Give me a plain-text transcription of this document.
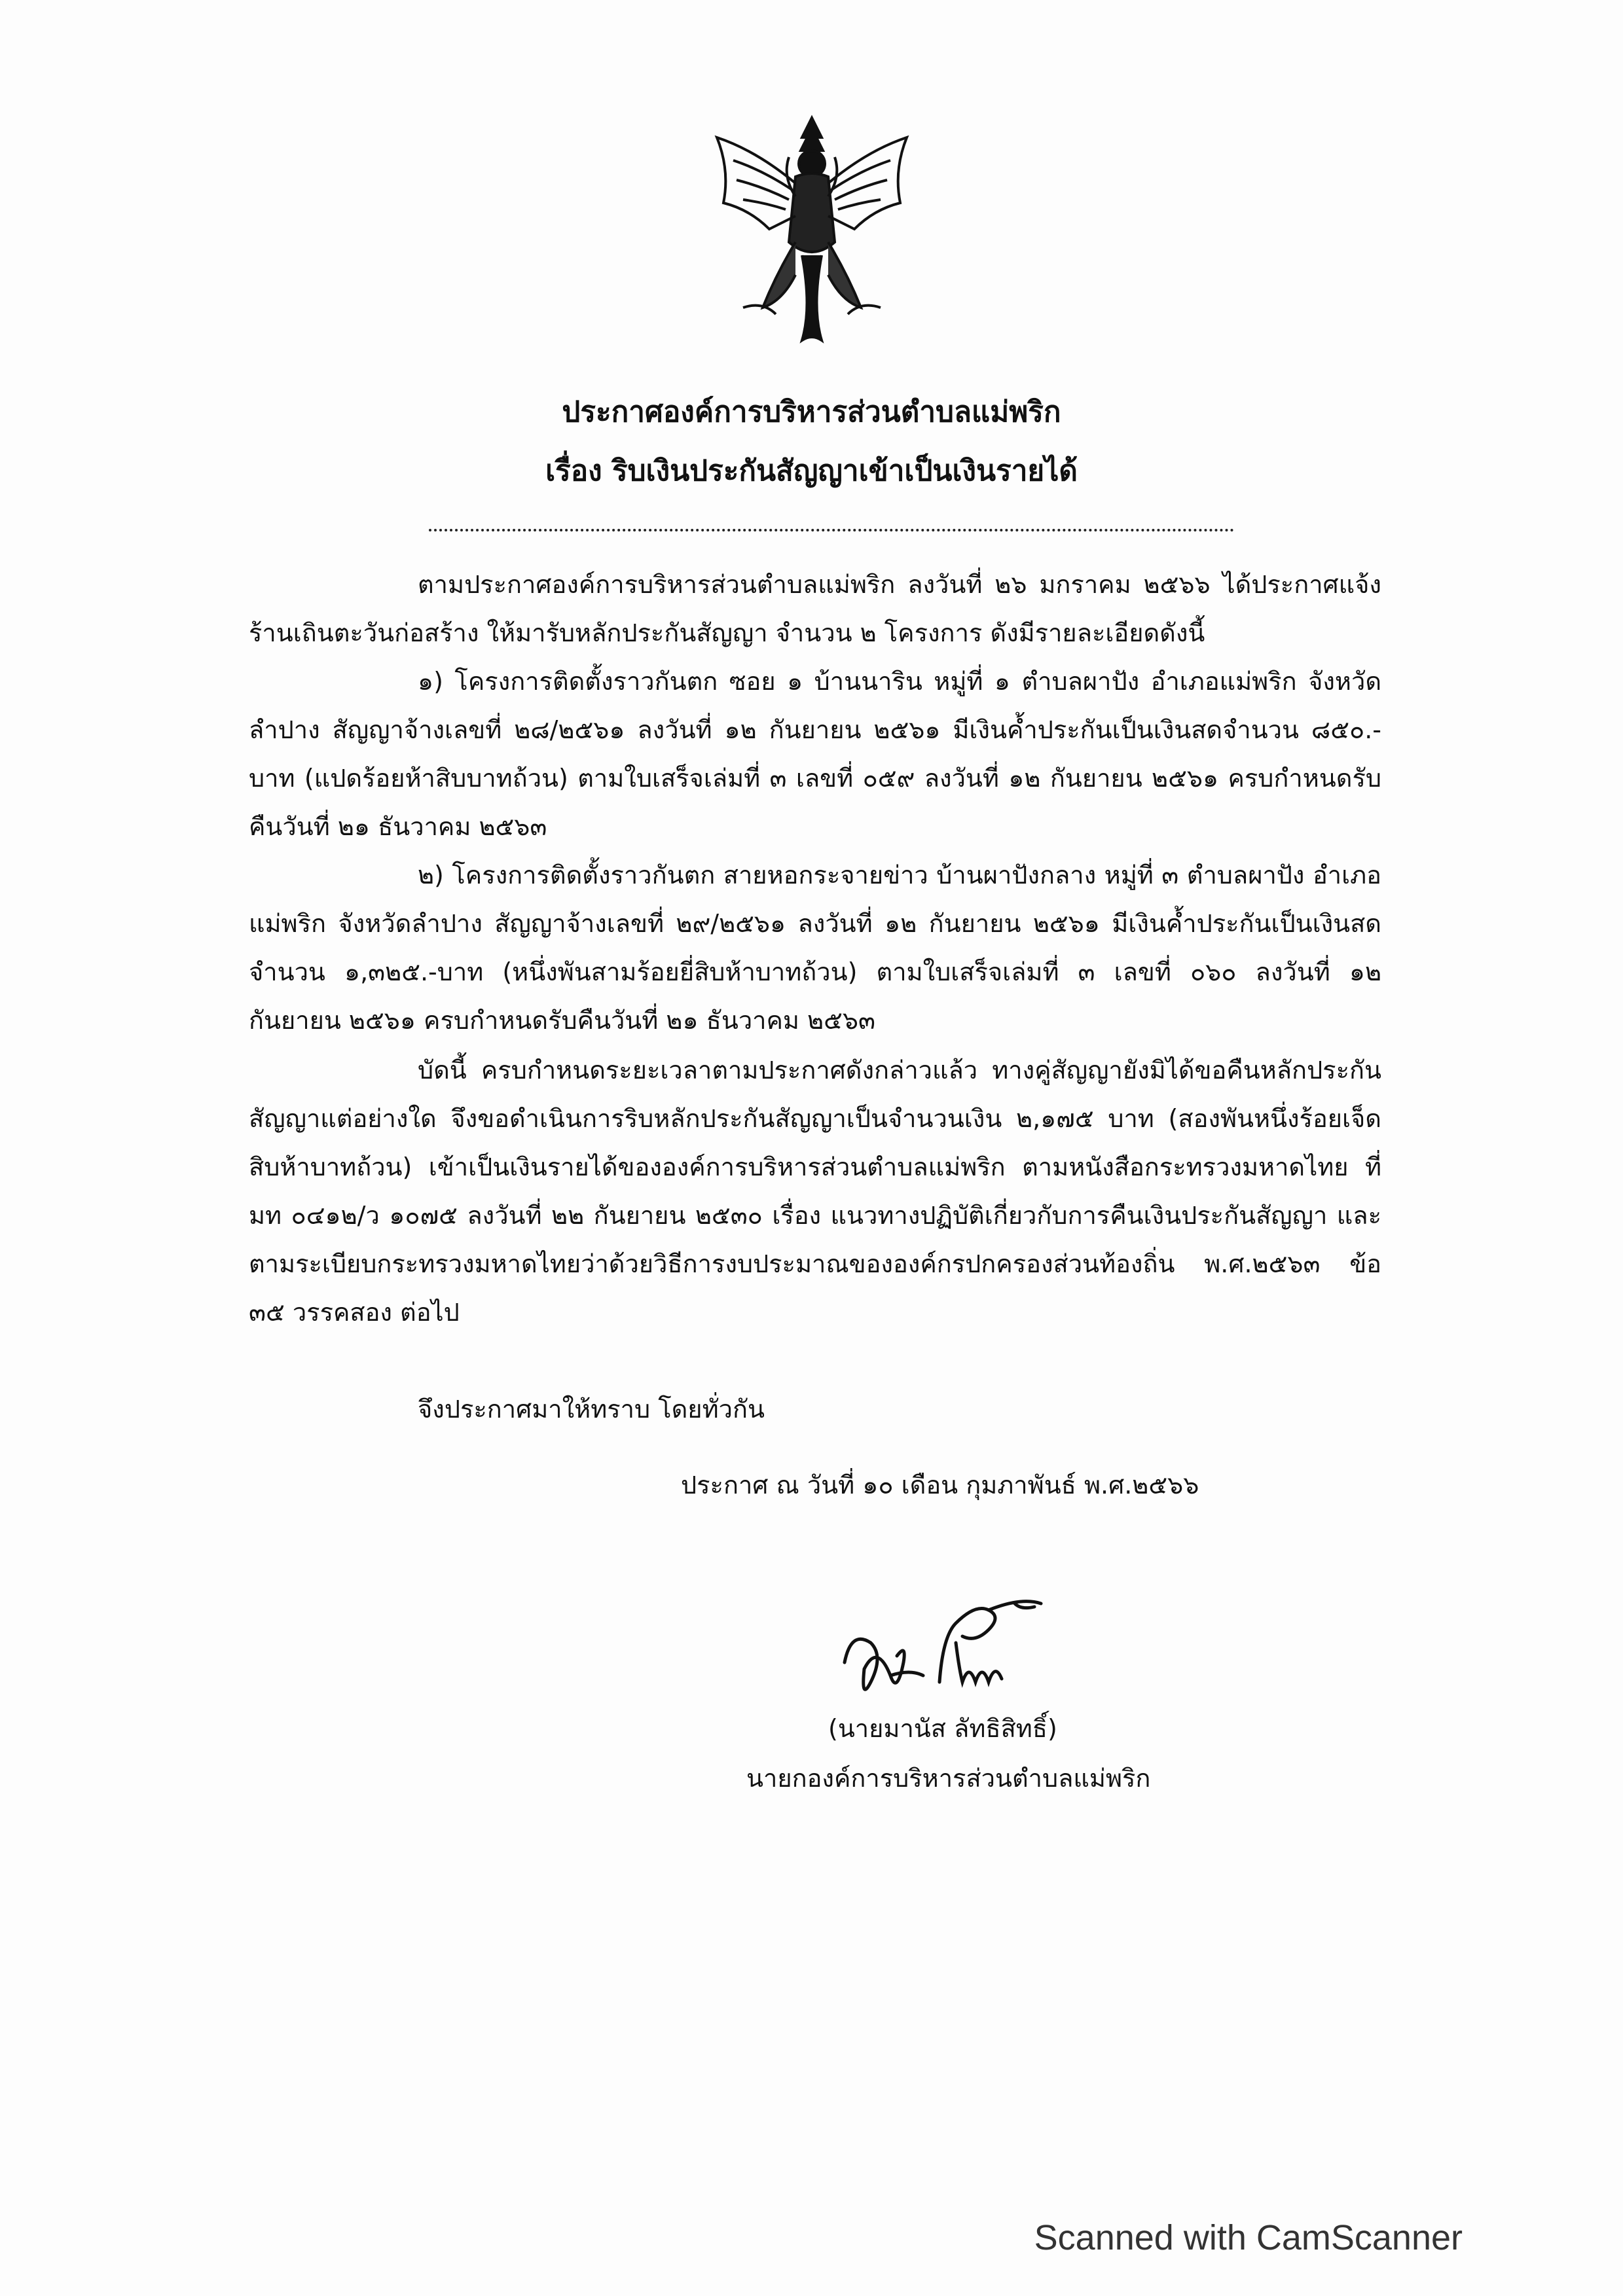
ประกาศองค์การบริหารส่วนตำบลแม่พริก
เรื่อง ริบเงินประกันสัญญาเข้าเป็นเงินรายได้

ตามประกาศองค์การบริหารส่วนตำบลแม่พริก ลงวันที่ ๒๖ มกราคม ๒๕๖๖ ได้ประกาศแจ้งร้านเถินตะวันก่อสร้าง ให้มารับหลักประกันสัญญา จำนวน ๒ โครงการ ดังมีรายละเอียดดังนี้

๑) โครงการติดตั้งราวกันตก ซอย ๑ บ้านนาริน หมู่ที่ ๑ ตำบลผาปัง อำเภอแม่พริก จังหวัดลำปาง สัญญาจ้างเลขที่ ๒๘/๒๕๖๑ ลงวันที่ ๑๒ กันยายน ๒๕๖๑ มีเงินค้ำประกันเป็นเงินสดจำนวน ๘๕๐.- บาท (แปดร้อยห้าสิบบาทถ้วน) ตามใบเสร็จเล่มที่ ๓ เลขที่ ๐๕๙ ลงวันที่ ๑๒ กันยายน ๒๕๖๑ ครบกำหนดรับคืนวันที่ ๒๑ ธันวาคม ๒๕๖๓

๒) โครงการติดตั้งราวกันตก สายหอกระจายข่าว บ้านผาปังกลาง หมู่ที่ ๓ ตำบลผาปัง อำเภอแม่พริก จังหวัดลำปาง สัญญาจ้างเลขที่ ๒๙/๒๕๖๑ ลงวันที่ ๑๒ กันยายน ๒๕๖๑ มีเงินค้ำประกันเป็นเงินสดจำนวน ๑,๓๒๕.-บาท (หนึ่งพันสามร้อยยี่สิบห้าบาทถ้วน) ตามใบเสร็จเล่มที่ ๓ เลขที่ ๐๖๐ ลงวันที่ ๑๒ กันยายน ๒๕๖๑ ครบกำหนดรับคืนวันที่ ๒๑ ธันวาคม ๒๕๖๓

บัดนี้ ครบกำหนดระยะเวลาตามประกาศดังกล่าวแล้ว ทางคู่สัญญายังมิได้ขอคืนหลักประกันสัญญาแต่อย่างใด จึงขอดำเนินการริบหลักประกันสัญญาเป็นจำนวนเงิน ๒,๑๗๕ บาท (สองพันหนึ่งร้อยเจ็ดสิบห้าบาทถ้วน) เข้าเป็นเงินรายได้ขององค์การบริหารส่วนตำบลแม่พริก ตามหนังสือกระทรวงมหาดไทย ที่ มท ๐๔๑๒/ว ๑๐๗๕ ลงวันที่ ๒๒ กันยายน ๒๕๓๐ เรื่อง แนวทางปฏิบัติเกี่ยวกับการคืนเงินประกันสัญญา และตามระเบียบกระทรวงมหาดไทยว่าด้วยวิธีการงบประมาณขององค์กรปกครองส่วนท้องถิ่น พ.ศ.๒๕๖๓ ข้อ ๓๕ วรรคสอง ต่อไป

จึงประกาศมาให้ทราบ โดยทั่วกัน

ประกาศ ณ วันที่ ๑๐ เดือน กุมภาพันธ์ พ.ศ.๒๕๖๖
(นายมานัส ลัทธิสิทธิ์)
นายกองค์การบริหารส่วนตำบลแม่พริก
Scanned with CamScanner
